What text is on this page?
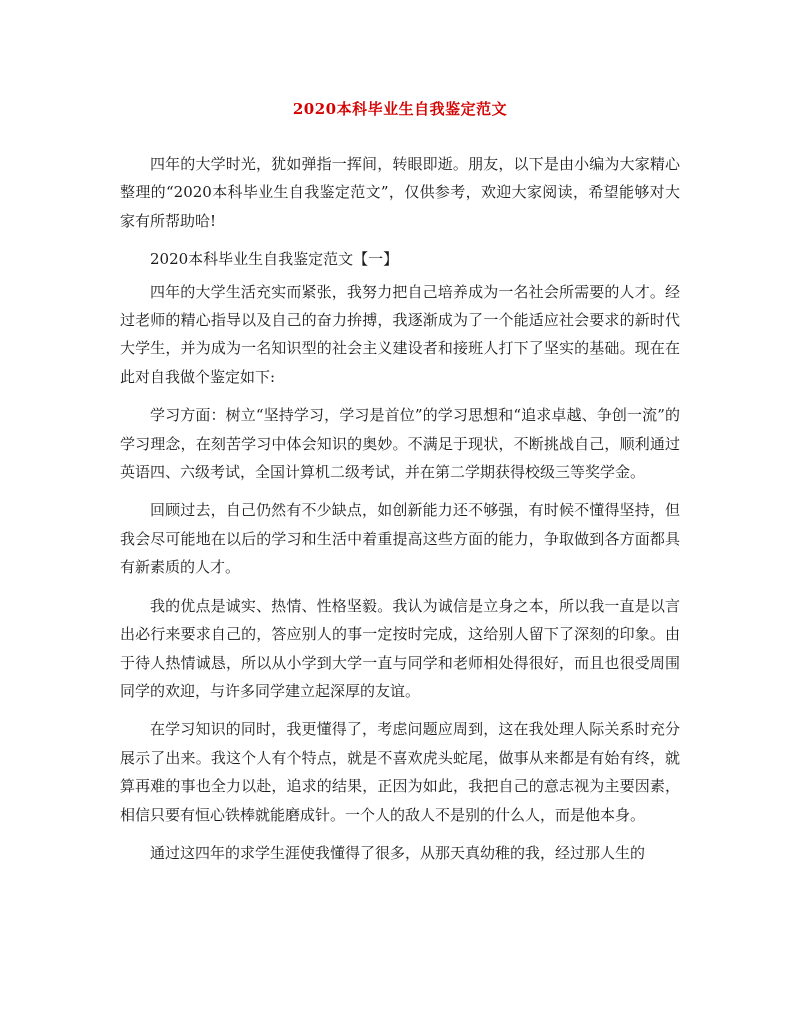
2020本科毕业生自我鉴定范文

四年的大学时光，犹如弹指一挥间，转眼即逝。朋友，以下是由小编为大家精心整理的“2020本科毕业生自我鉴定范文”，仅供参考，欢迎大家阅读，希望能够对大家有所帮助哈!

2020本科毕业生自我鉴定范文【一】

四年的大学生活充实而紧张，我努力把自己培养成为一名社会所需要的人才。经过老师的精心指导以及自己的奋力拚搏，我逐渐成为了一个能适应社会要求的新时代大学生，并为成为一名知识型的社会主义建设者和接班人打下了坚实的基础。现在在此对自我做个鉴定如下:

学习方面：树立“坚持学习，学习是首位”的学习思想和“追求卓越、争创一流”的学习理念，在刻苦学习中体会知识的奥妙。不满足于现状，不断挑战自己，顺利通过英语四、六级考试，全国计算机二级考试，并在第二学期获得校级三等奖学金。

回顾过去，自己仍然有不少缺点，如创新能力还不够强，有时候不懂得坚持，但我会尽可能地在以后的学习和生活中着重提高这些方面的能力，争取做到各方面都具有新素质的人才。

我的优点是诚实、热情、性格坚毅。我认为诚信是立身之本，所以我一直是以言出必行来要求自己的，答应别人的事一定按时完成，这给别人留下了深刻的印象。由于待人热情诚恳，所以从小学到大学一直与同学和老师相处得很好，而且也很受周围同学的欢迎，与许多同学建立起深厚的友谊。

在学习知识的同时，我更懂得了，考虑问题应周到，这在我处理人际关系时充分展示了出来。我这个人有个特点，就是不喜欢虎头蛇尾，做事从来都是有始有终，就算再难的事也全力以赴，追求的结果，正因为如此，我把自己的意志视为主要因素，相信只要有恒心铁棒就能磨成针。一个人的敌人不是别的什么人，而是他本身。

通过这四年的求学生涯使我懂得了很多，从那天真幼稚的我，经过那人生的
